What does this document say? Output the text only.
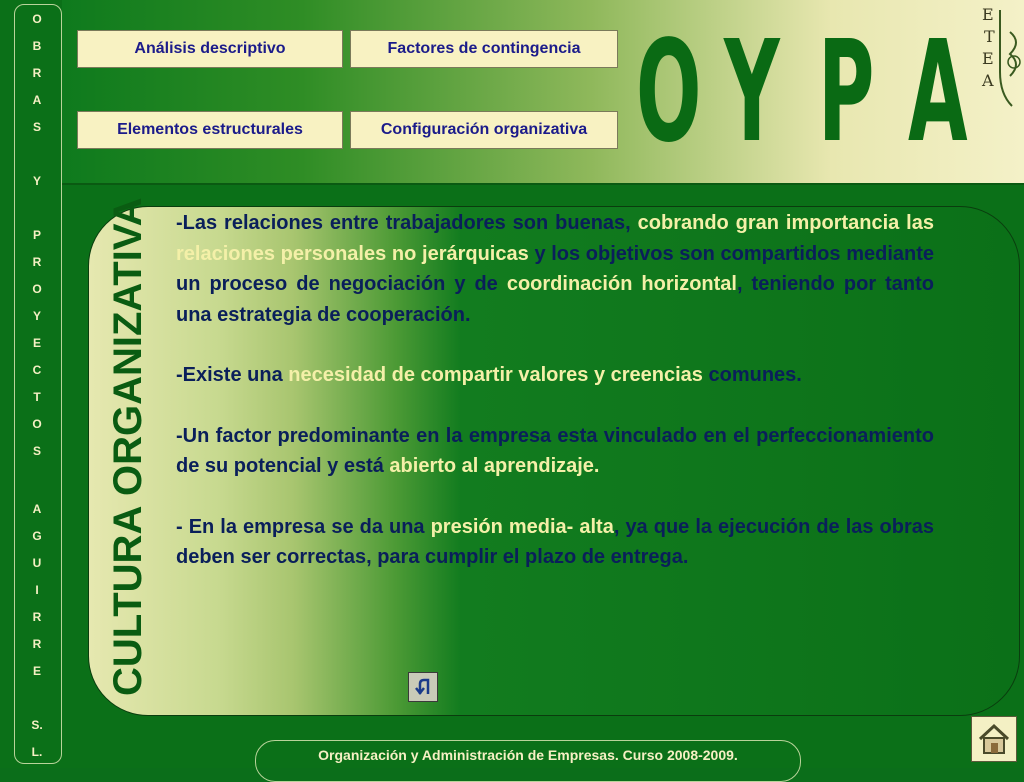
O
B
R
A
S
Y
P
R
O
Y
E
C
T
O
S
A
G
U
I
R
R
E
S.
L.
Análisis descriptivo	Factores de contingencia
Elementos estructurales	Configuración organizativa O Y P A E
T
E
A
CULTURA ORGANIZATIVA -Las relaciones entre trabajadores son buenas, cobrando gran importancia las relaciones personales no jerárquicas y los objetivos son compartidos mediante un proceso de negociación y de coordinación horizontal, teniendo por tanto una estrategia de cooperación.

-Existe una necesidad de compartir valores y creencias comunes.

-Un factor predominante en la empresa esta vinculado en el perfeccionamiento de su potencial y está abierto al aprendizaje.

- En la empresa se da una presión media- alta, ya que la ejecución de las obras deben ser correctas, para cumplir el plazo de entrega.

Organización y Administración de Empresas. Curso 2008-2009.
